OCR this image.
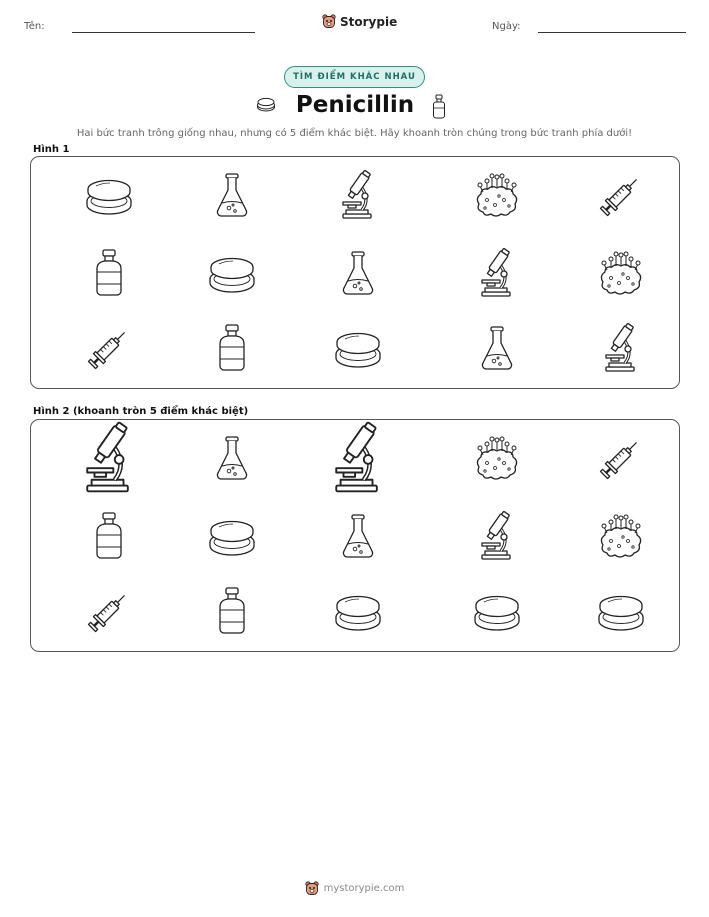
Tên:	Storypie	Ngày:
TÌM ĐIỂM KHÁC NHAU
Penicillin
Hai bức tranh trông giống nhau, nhưng có 5 điểm khác biệt. Hãy khoanh tròn chúng trong bức tranh phía dưới!
Hình 1
Hình 2 (khoanh tròn 5 điểm khác biệt)
mystorypie.com
